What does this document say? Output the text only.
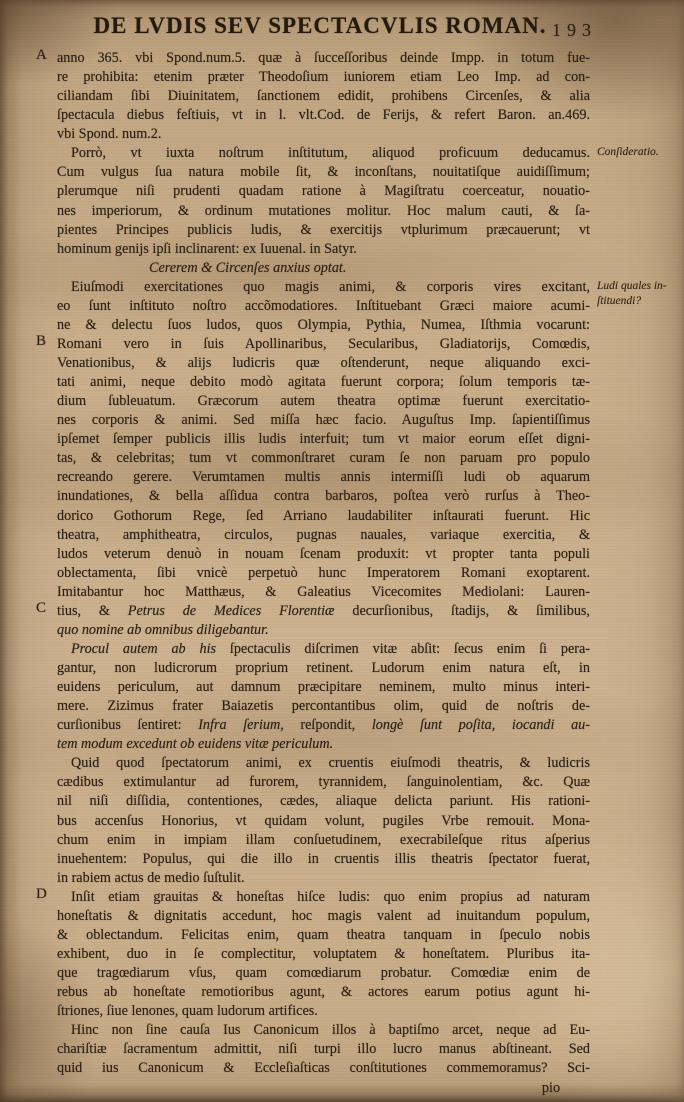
DE LVDIS SEV SPECTACVLIS ROMAN. 193
anno 365. vbi Spond.num.5. quæ à ſucceſſoribus deinde Impp. in totum fue-
re prohibita: etenim præter Theodoſium iuniorem etiam Leo Imp. ad con-
ciliandam ſibi Diuinitatem, ſanctionem edidit, prohibens Circenſes, & alia
ſpectacula diebus feſtiuis, vt in l. vlt.Cod. de Ferijs, & refert Baron. an.469.
vbi Spond. num.2.
Porrò, vt iuxta noſtrum inſtitutum, aliquod proficuum deducamus.
Cum vulgus ſua natura mobile ſit, & inconſtans, nouitatiſque auidiſſimum;
plerumque niſi prudenti quadam ratione à Magiſtratu coerceatur, nouatio-
nes imperiorum, & ordinum mutationes molitur. Hoc malum cauti, & ſa-
pientes Principes publicis ludis, & exercitijs vtplurimum præcauerunt; vt
hominum genijs ipſi inclinarent: ex Iuuenal. in Satyr.
Cererem & Circenſes anxius optat.
Eiuſmodi exercitationes quo magis animi, & corporis vires excitant,
eo ſunt inſtituto noſtro accõmodatiores. Inſtituebant Græci maiore acumi-
ne & delectu ſuos ludos, quos Olympia, Pythia, Numea, Iſthmia vocarunt:
Romani vero in ſuis Apollinaribus, Secularibus, Gladiatorijs, Comœdis,
Venationibus, & alijs ludicris quæ oſtenderunt, neque aliquando exci-
tati animi, neque debito modò agitata fuerunt corpora; ſolum temporis tæ-
dium ſubleuatum. Græcorum autem theatra optimæ fuerunt exercitatio-
nes corporis & animi. Sed miſſa hæc facio. Auguſtus Imp. ſapientiſſimus
ipſemet ſemper publicis illis ludis interfuit; tum vt maior eorum eſſet digni-
tas, & celebritas; tum vt commonſtraret curam ſe non paruam pro populo
recreando gerere. Verumtamen multis annis intermiſſi ludi ob aquarum
inundationes, & bella aſſidua contra barbaros, poſtea verò rurſus à Theo-
dorico Gothorum Rege, ſed Arriano laudabiliter inſtaurati fuerunt. Hic
theatra, amphitheatra, circulos, pugnas nauales, variaque exercitia, &
ludos veterum denuò in nouam ſcenam produxit: vt propter tanta populi
oblectamenta, ſibi vnicè perpetuò hunc Imperatorem Romani exoptarent.
Imitabantur hoc Matthæus, & Galeatius Vicecomites Mediolani: Lauren-
tius, & Petrus de Medices Florentiæ decurſionibus, ſtadijs, & ſimilibus,
quo nomine ab omnibus diligebantur.
Procul autem ab his ſpectaculis diſcrimen vitæ abſit: ſecus enim ſi pera-
gantur, non ludicrorum proprium retinent. Ludorum enim natura eſt, in
euidens periculum, aut damnum præcipitare neminem, multo minus interi-
mere. Zizimus frater Baiazetis percontantibus olim, quid de noſtris de-
curſionibus ſentiret: Infra ſerium, reſpondit, longè ſunt poſita, iocandi au-
tem modum excedunt ob euidens vitæ periculum.
Quid quod ſpectatorum animi, ex cruentis eiuſmodi theatris, & ludicris
cædibus extimulantur ad furorem, tyrannidem, ſanguinolentiam, &c. Quæ
nil niſi diſſidia, contentiones, cædes, aliaque delicta pariunt. His rationi-
bus accenſus Honorius, vt quidam volunt, pugiles Vrbe remouit. Mona-
chum enim in impiam illam conſuetudinem, execrabileſque ritus aſperius
inuehentem: Populus, qui die illo in cruentis illis theatris ſpectator fuerat,
in rabiem actus de medio ſuſtulit.
Inſit etiam grauitas & honeſtas hiſce ludis: quo enim propius ad naturam
honeſtatis & dignitatis accedunt, hoc magis valent ad inuitandum populum,
& oblectandum. Felicitas enim, quam theatra tanquam in ſpeculo nobis
exhibent, duo in ſe complectitur, voluptatem & honeſtatem. Pluribus ita-
que tragœdiarum vſus, quam comœdiarum probatur. Comœdiæ enim de
rebus ab honeſtate remotioribus agunt, & actores earum potius agunt hi-
ſtriones, ſiue lenones, quam ludorum artifices.
Hinc non ſine cauſa Ius Canonicum illos à baptiſmo arcet, neque ad Eu-
chariſtiæ ſacramentum admittit, niſi turpi illo lucro manus abſtineant. Sed
quid ius Canonicum & Eccleſiaſticas conſtitutiones commemoramus? Sci-
pio
A
B
C
D
Conſideratio.
Ludi quales in-
ſtituendi?
